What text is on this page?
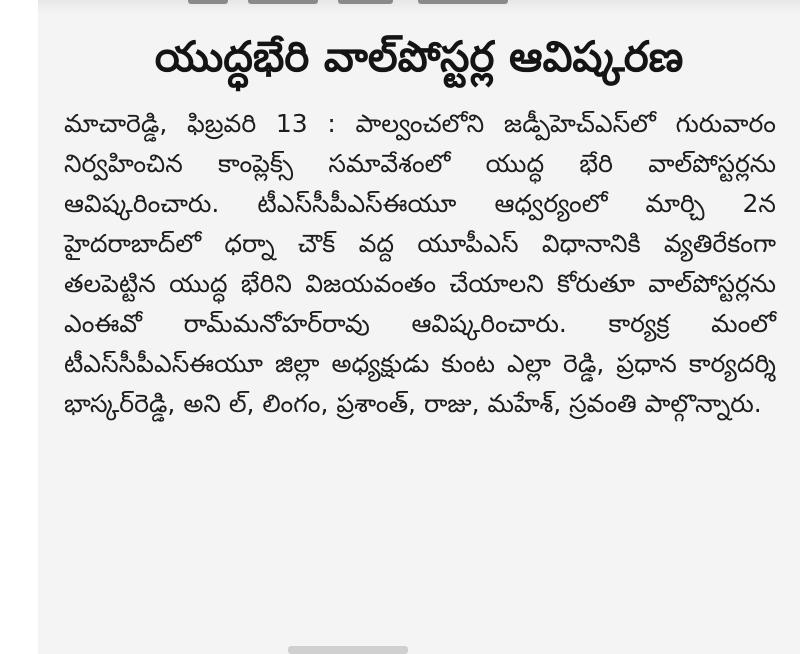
యుద్ధభేరి వాల్‌పోస్టర్ల ఆవిష్కరణ

మాచారెడ్డి, ఫిబ్రవరి 13 : పాల్వంచలోని జడ్పీహెచ్‌ఎస్‌లో గురువారం నిర్వహించిన కాంప్లెక్స్ సమావేశంలో యుద్ధ భేరి వాల్‌పోస్టర్లను ఆవిష్కరించారు. టీఎస్‌సీపీఎస్‌ఈయూ ఆధ్వర్యంలో మార్చి 2న హైదరాబాద్‌లో ధర్నా చౌక్ వద్ద యూపీఎస్ విధానానికి వ్యతిరేకంగా తలపెట్టిన యుద్ధ భేరిని విజయవంతం చేయాలని కోరుతూ వాల్‌పోస్టర్లను ఎంఈవో రామ్‌మనోహర్‌రావు ఆవిష్కరించారు. కార్యక్ర మంలో టీఎస్‌సీపీఎస్‌ఈయూ జిల్లా అధ్యక్షుడు కుంట ఎల్లా రెడ్డి, ప్రధాన కార్యదర్శి భాస్కర్‌రెడ్డి, అని ల్, లింగం, ప్రశాంత్, రాజు, మహేశ్, స్రవంతి పాల్గొన్నారు.
